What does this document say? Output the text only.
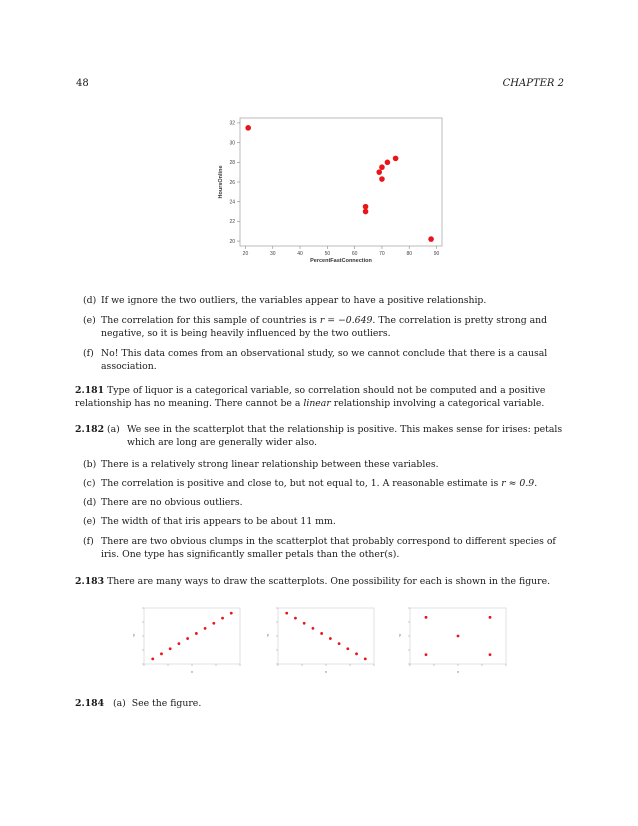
48	CHAPTER 2
20
22
24
26
28
30
32
20	30	40	50	60	70	80	90
PercentFastConnection
HoursOnline
(d) If we ignore the two outliers, the variables appear to have a positive relationship.
(e) The correlation for this sample of countries is r = −0.649. The correlation is pretty strong and negative, so it is being heavily influenced by the two outliers.
(f) No! This data comes from an observational study, so we cannot conclude that there is a causal association.
2.181 Type of liquor is a categorical variable, so correlation should not be computed and a positive relationship has no meaning. There cannot be a linear relationship involving a categorical variable.
2.182 (a) We see in the scatterplot that the relationship is positive. This makes sense for irises: petals which are long are generally wider also.
(b) There is a relatively strong linear relationship between these variables.
(c) The correlation is positive and close to, but not equal to, 1. A reasonable estimate is r ≈ 0.9.
(d) There are no obvious outliers.
(e) The width of that iris appears to be about 11 mm.
(f) There are two obvious clumps in the scatterplot that probably correspond to different species of iris. One type has significantly smaller petals than the other(s).
2.183 There are many ways to draw the scatterplots. One possibility for each is shown in the figure.
x
y
x
y
x
y
2.184 (a) See the figure.
